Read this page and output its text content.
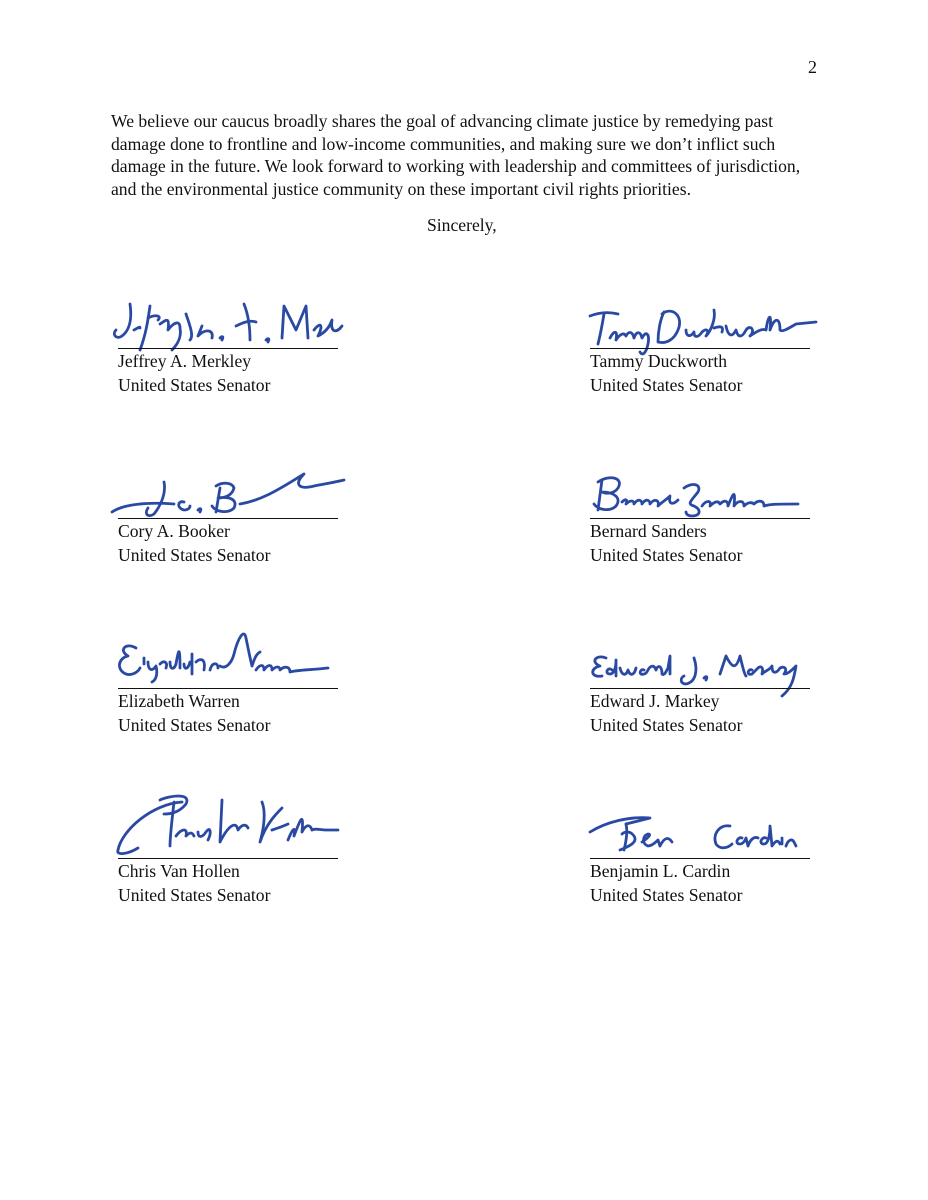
2

We believe our caucus broadly shares the goal of advancing climate justice by remedying past damage done to frontline and low-income communities, and making sure we don’t inflict such damage in the future. We look forward to working with leadership and committees of jurisdiction, and the environmental justice community on these important civil rights priorities.

Sincerely,
Jeffrey A. Merkley
United States Senator
Tammy Duckworth
United States Senator
Cory A. Booker
United States Senator
Bernard Sanders
United States Senator
Elizabeth Warren
United States Senator
Edward J. Markey
United States Senator
Chris Van Hollen
United States Senator
Benjamin L. Cardin
United States Senator
